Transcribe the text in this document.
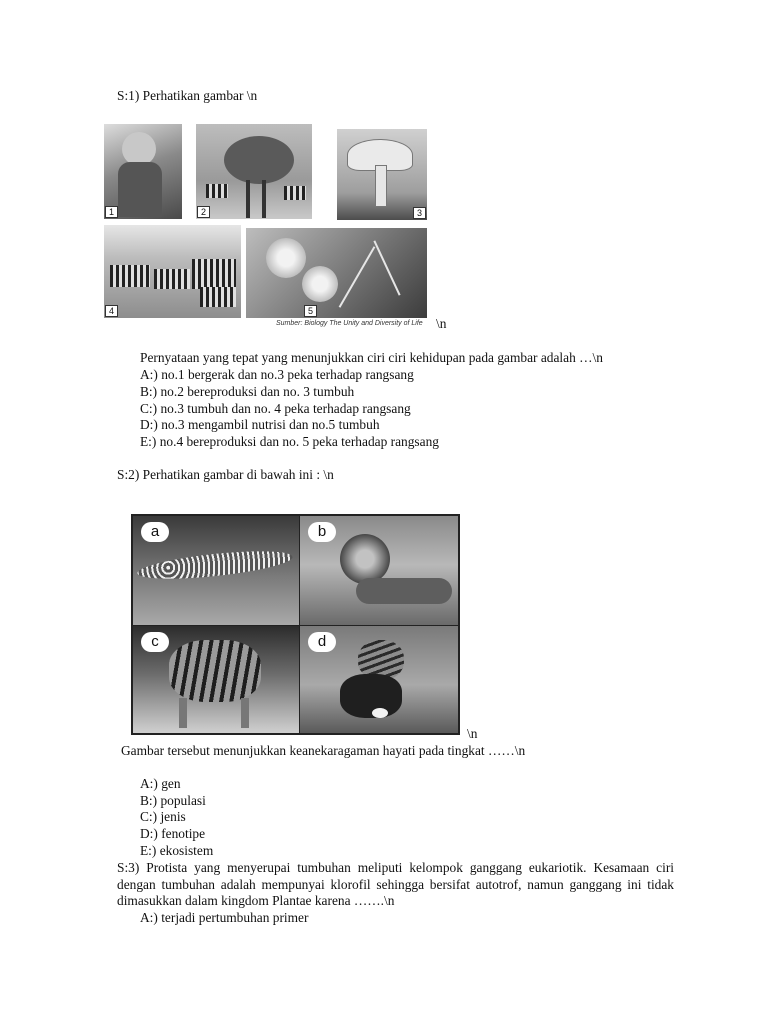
S:1) Perhatikan gambar \n
1	2	3
4	5
Sumber: Biology The Unity and Diversity of Life \n
Pernyataan yang tepat yang menunjukkan ciri ciri kehidupan pada gambar adalah …\n
A:) no.1 bergerak dan no.3 peka terhadap rangsang
B:) no.2 bereproduksi dan no. 3 tumbuh
C:) no.3 tumbuh dan no. 4 peka terhadap rangsang
D:) no.3 mengambil nutrisi dan no.5 tumbuh
E:) no.4 bereproduksi dan no. 5 peka terhadap rangsang
S:2) Perhatikan gambar di bawah ini : \n
a	b
c	d
\n
Gambar tersebut menunjukkan keanekaragaman hayati pada tingkat ……\n
A:) gen
B:) populasi
C:) jenis
D:) fenotipe
E:) ekosistem
S:3) Protista yang menyerupai tumbuhan meliputi kelompok ganggang eukariotik. Kesamaan ciri dengan tumbuhan adalah mempunyai klorofil sehingga bersifat autotrof, namun ganggang ini tidak dimasukkan dalam kingdom Plantae karena …….\n
A:) terjadi pertumbuhan primer
